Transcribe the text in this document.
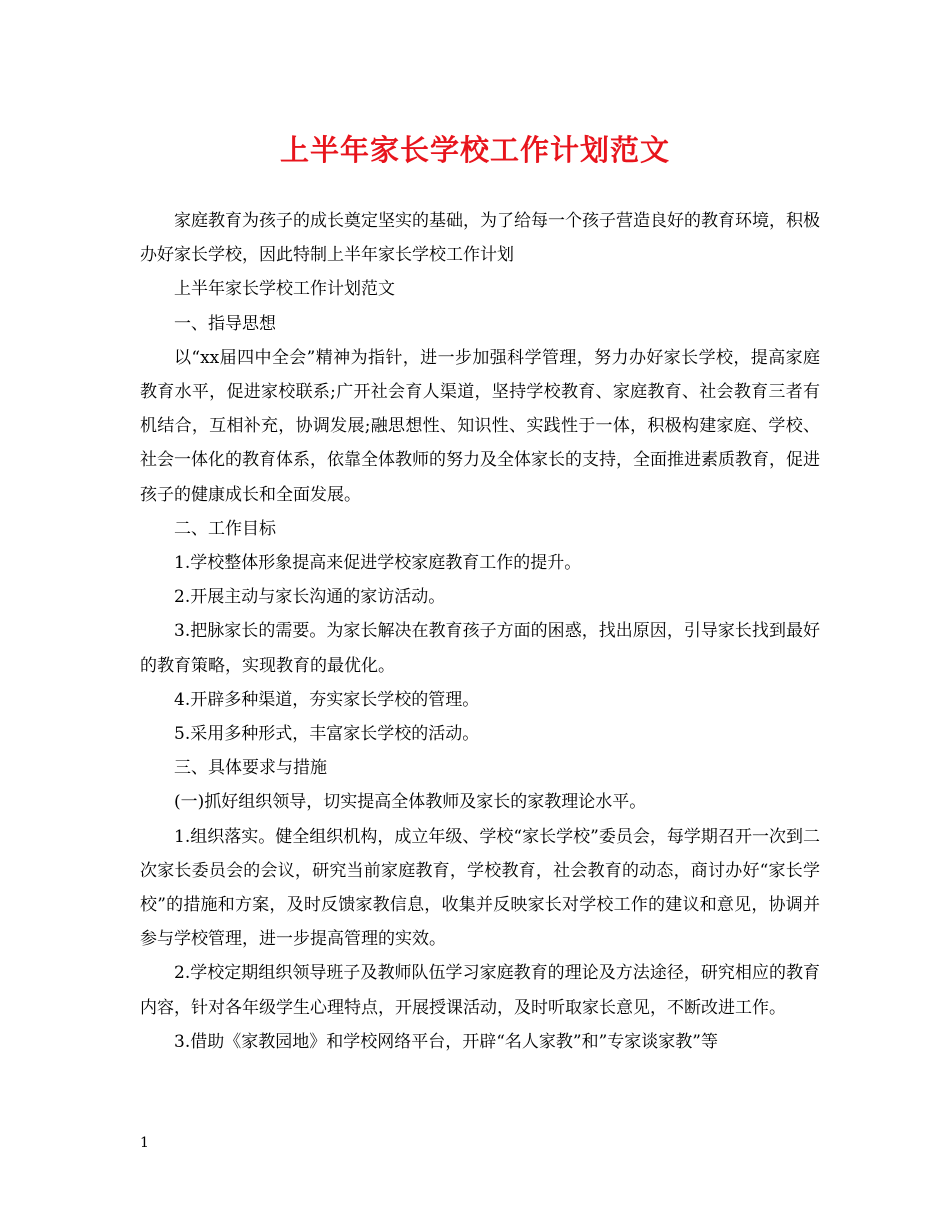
上半年家长学校工作计划范文

家庭教育为孩子的成长奠定坚实的基础，为了给每一个孩子营造良好的教育环境，积极办好家长学校，因此特制上半年家长学校工作计划

上半年家长学校工作计划范文

一、指导思想

以“xx届四中全会”精神为指针，进一步加强科学管理，努力办好家长学校，提高家庭教育水平，促进家校联系;广开社会育人渠道，坚持学校教育、家庭教育、社会教育三者有机结合，互相补充，协调发展;融思想性、知识性、实践性于一体，积极构建家庭、学校、社会一体化的教育体系，依靠全体教师的努力及全体家长的支持，全面推进素质教育，促进孩子的健康成长和全面发展。

二、工作目标

1.学校整体形象提高来促进学校家庭教育工作的提升。

2.开展主动与家长沟通的家访活动。

3.把脉家长的需要。为家长解决在教育孩子方面的困惑，找出原因，引导家长找到最好的教育策略，实现教育的最优化。

4.开辟多种渠道，夯实家长学校的管理。

5.采用多种形式，丰富家长学校的活动。

三、具体要求与措施

(一)抓好组织领导，切实提高全体教师及家长的家教理论水平。

1.组织落实。健全组织机构，成立年级、学校“家长学校”委员会，每学期召开一次到二次家长委员会的会议，研究当前家庭教育，学校教育，社会教育的动态，商讨办好“家长学校”的措施和方案，及时反馈家教信息，收集并反映家长对学校工作的建议和意见，协调并参与学校管理，进一步提高管理的实效。

2.学校定期组织领导班子及教师队伍学习家庭教育的理论及方法途径，研究相应的教育内容，针对各年级学生心理特点，开展授课活动，及时听取家长意见，不断改进工作。

3.借助《家教园地》和学校网络平台，开辟“名人家教”和”专家谈家教”等

1
